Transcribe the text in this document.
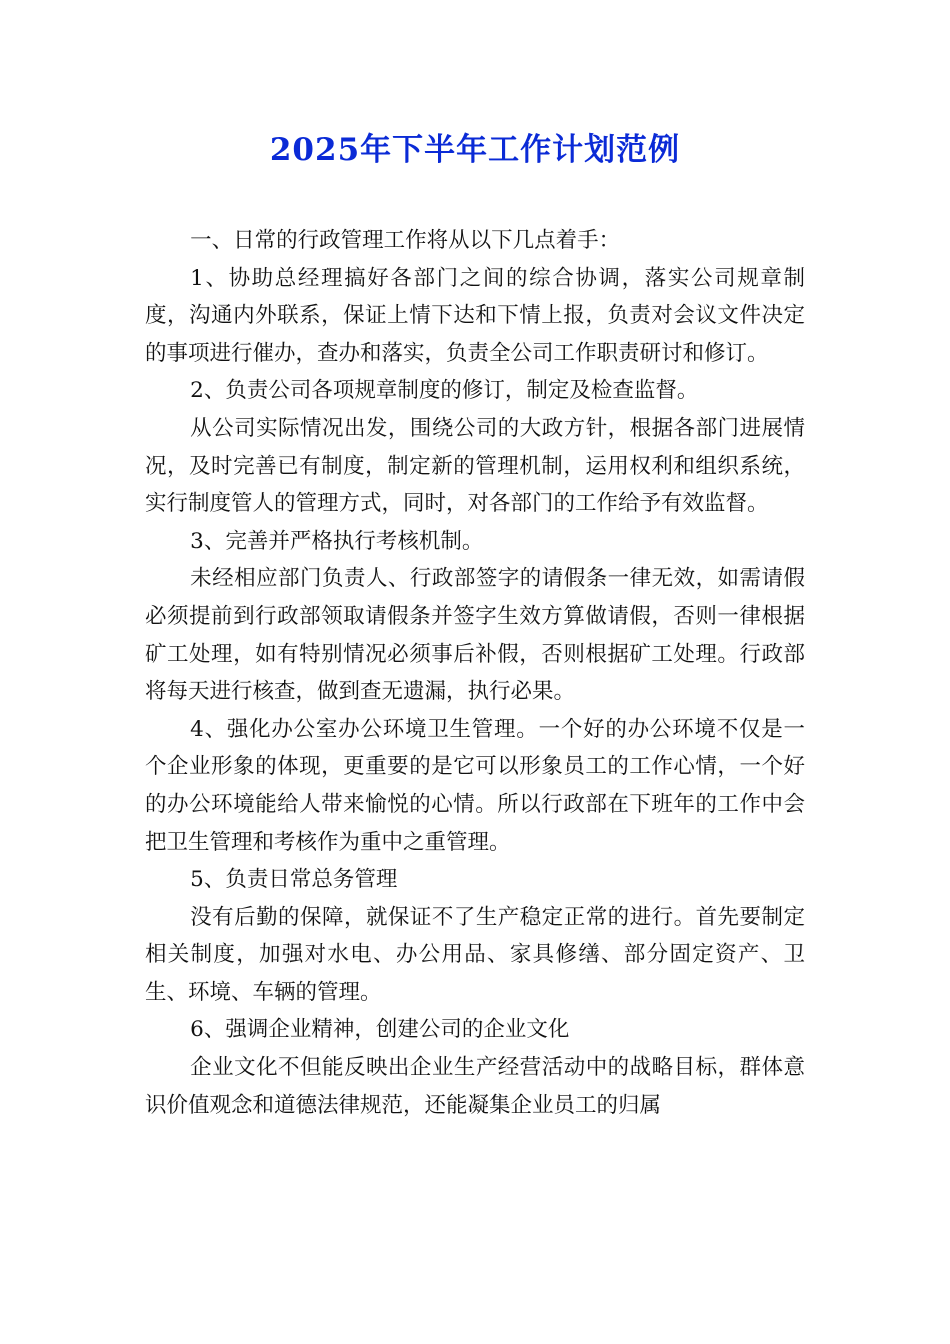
2025年下半年工作计划范例

一、日常的行政管理工作将从以下几点着手：

1、协助总经理搞好各部门之间的综合协调，落实公司规章制度，沟通内外联系，保证上情下达和下情上报，负责对会议文件决定的事项进行催办，查办和落实，负责全公司工作职责研讨和修订。

2、负责公司各项规章制度的修订，制定及检查监督。

从公司实际情况出发，围绕公司的大政方针，根据各部门进展情况，及时完善已有制度，制定新的管理机制，运用权利和组织系统，实行制度管人的管理方式，同时，对各部门的工作给予有效监督。

3、完善并严格执行考核机制。

未经相应部门负责人、行政部签字的请假条一律无效，如需请假必须提前到行政部领取请假条并签字生效方算做请假，否则一律根据矿工处理，如有特别情况必须事后补假，否则根据矿工处理。行政部将每天进行核查，做到查无遗漏，执行必果。

4、强化办公室办公环境卫生管理。一个好的办公环境不仅是一个企业形象的体现，更重要的是它可以形象员工的工作心情，一个好的办公环境能给人带来愉悦的心情。所以行政部在下班年的工作中会把卫生管理和考核作为重中之重管理。

5、负责日常总务管理

没有后勤的保障，就保证不了生产稳定正常的进行。首先要制定相关制度，加强对水电、办公用品、家具修缮、部分固定资产、卫生、环境、车辆的管理。

6、强调企业精神，创建公司的企业文化

企业文化不但能反映出企业生产经营活动中的战略目标，群体意识价值观念和道德法律规范，还能凝集企业员工的归属
